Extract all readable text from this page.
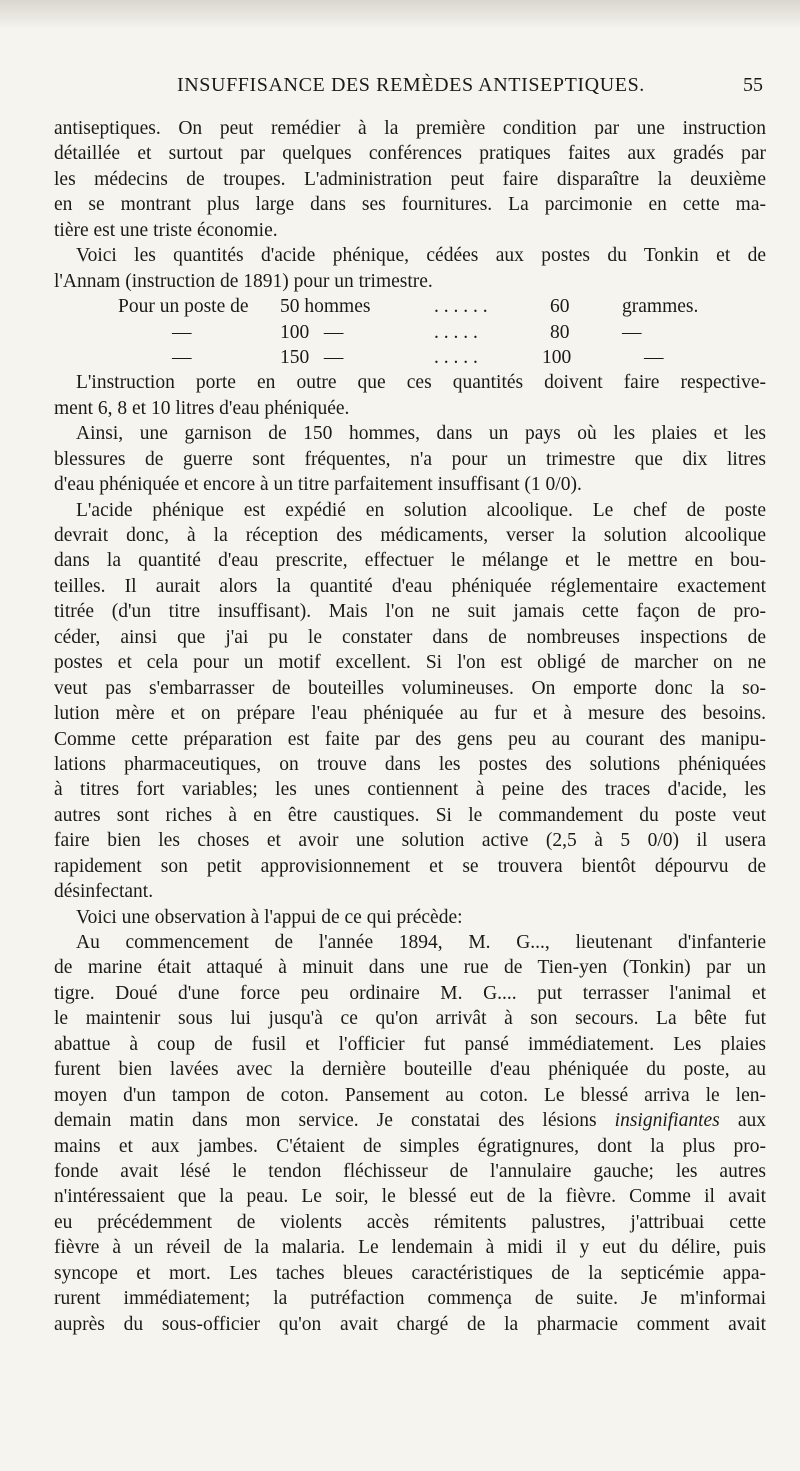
INSUFFISANCE DES REMÈDES ANTISEPTIQUES.	55
antiseptiques. On peut remédier à la première condition par une instruction
détaillée et surtout par quelques conférences pratiques faites aux gradés par
les médecins de troupes. L'administration peut faire disparaître la deuxième
en se montrant plus large dans ses fournitures. La parcimonie en cette ma-
tière est une triste économie.
Voici les quantités d'acide phénique, cédées aux postes du Tonkin et de
l'Annam (instruction de 1891) pour un trimestre.
Pour un poste de 50 hommes	. . . . . .	60	grammes.
—	100 —	. . . . .	80	—
—	150 —	. . . . .	100	—
L'instruction porte en outre que ces quantités doivent faire respective-
ment 6, 8 et 10 litres d'eau phéniquée.
Ainsi, une garnison de 150 hommes, dans un pays où les plaies et les
blessures de guerre sont fréquentes, n'a pour un trimestre que dix litres
d'eau phéniquée et encore à un titre parfaitement insuffisant (1 0/0).
L'acide phénique est expédié en solution alcoolique. Le chef de poste
devrait donc, à la réception des médicaments, verser la solution alcoolique
dans la quantité d'eau prescrite, effectuer le mélange et le mettre en bou-
teilles. Il aurait alors la quantité d'eau phéniquée réglementaire exactement
titrée (d'un titre insuffisant). Mais l'on ne suit jamais cette façon de pro-
céder, ainsi que j'ai pu le constater dans de nombreuses inspections de
postes et cela pour un motif excellent. Si l'on est obligé de marcher on ne
veut pas s'embarrasser de bouteilles volumineuses. On emporte donc la so-
lution mère et on prépare l'eau phéniquée au fur et à mesure des besoins.
Comme cette préparation est faite par des gens peu au courant des manipu-
lations pharmaceutiques, on trouve dans les postes des solutions phéniquées
à titres fort variables; les unes contiennent à peine des traces d'acide, les
autres sont riches à en être caustiques. Si le commandement du poste veut
faire bien les choses et avoir une solution active (2,5 à 5 0/0) il usera
rapidement son petit approvisionnement et se trouvera bientôt dépourvu de
désinfectant.
Voici une observation à l'appui de ce qui précède:
Au commencement de l'année 1894, M. G..., lieutenant d'infanterie
de marine était attaqué à minuit dans une rue de Tien-yen (Tonkin) par un
tigre. Doué d'une force peu ordinaire M. G.... put terrasser l'animal et
le maintenir sous lui jusqu'à ce qu'on arrivât à son secours. La bête fut
abattue à coup de fusil et l'officier fut pansé immédiatement. Les plaies
furent bien lavées avec la dernière bouteille d'eau phéniquée du poste, au
moyen d'un tampon de coton. Pansement au coton. Le blessé arriva le len-
demain matin dans mon service. Je constatai des lésions insignifiantes aux
mains et aux jambes. C'étaient de simples égratignures, dont la plus pro-
fonde avait lésé le tendon fléchisseur de l'annulaire gauche; les autres
n'intéressaient que la peau. Le soir, le blessé eut de la fièvre. Comme il avait
eu précédemment de violents accès rémitents palustres, j'attribuai cette
fièvre à un réveil de la malaria. Le lendemain à midi il y eut du délire, puis
syncope et mort. Les taches bleues caractéristiques de la septicémie appa-
rurent immédiatement; la putréfaction commença de suite. Je m'informai
auprès du sous-officier qu'on avait chargé de la pharmacie comment avait
